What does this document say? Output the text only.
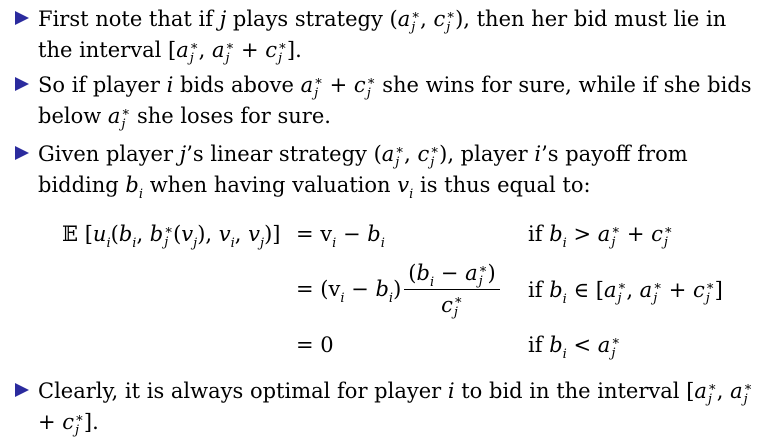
First note that if j plays strategy (a ∗
j , c ∗
j ), then her bid must lie in the interval [a ∗
j , a ∗
j + c ∗
j ].
So if player i bids above a ∗
j + c ∗
j she wins for sure, while if she bids below a ∗
j she loses for sure.
Given player j’s linear strategy (a ∗
j , c ∗
j ), player i’s payoff from bidding $b_i$ when having valuation $v_i$ is thus equal to:
𝔼 [$u_i(b_i$, b ∗
j $(v_j)$, $v_i$, $v_j)] = v_i - b_i$	if $b_i > a$ ∗
j + c ∗
j
= $(v_i - b_i) (b_i - a$ ∗
j )
c ∗
j if $b_i$ ∈ [a ∗
j , a ∗
j + c ∗
j ]
= 0	if $b_i < a$ ∗
j
Clearly, it is always optimal for player i to bid in the interval [a ∗
j , a ∗
j
+ c ∗
j ].
